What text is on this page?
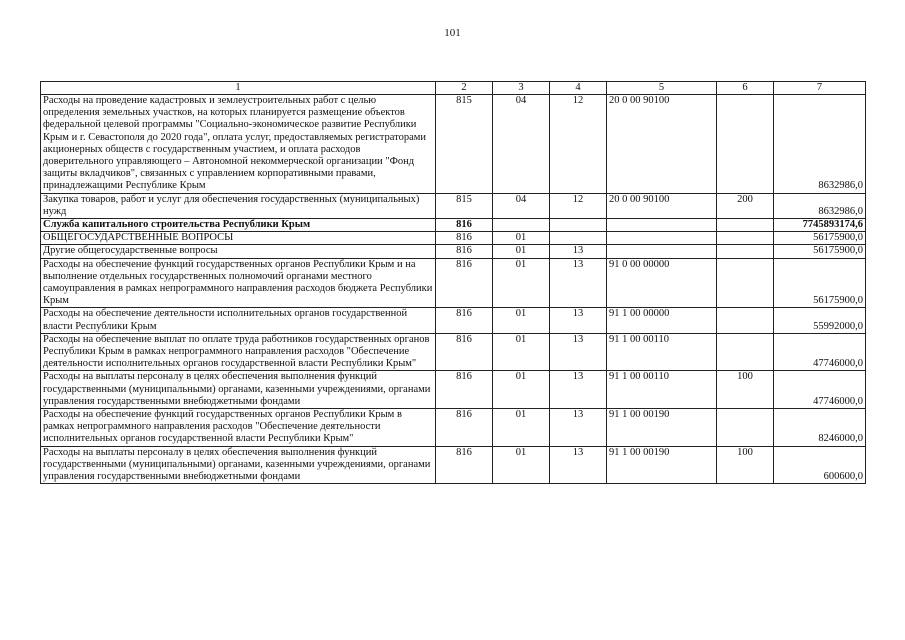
101
1	2	3	4	5	6	7
Расходы на проведение кадастровых и землеустроительных работ с целью определения земельных участков, на которых планируется размещение объектов федеральной целевой программы "Социально-экономическое развитие Республики Крым и г. Севастополя до 2020 года", оплата услуг, предоставляемых регистраторами акционерных обществ с государственным участием, и оплата расходов доверительного управляющего – Автономной некоммерческой организации "Фонд защиты вкладчиков", связанных с управлением корпоративными правами, принадлежащими Республике Крым	815	04	12	20 0 00 90100		8632986,0
Закупка товаров, работ и услуг для обеспечения государственных (муниципальных) нужд	815	04	12	20 0 00 90100	200	8632986,0
Служба капитального строительства Республики Крым	816					7745893174,6
ОБЩЕГОСУДАРСТВЕННЫЕ ВОПРОСЫ	816	01				56175900,0
Другие общегосударственные вопросы	816	01	13			56175900,0
Расходы на обеспечение функций государственных органов Республики Крым и на выполнение отдельных государственных полномочий органами местного самоуправления в рамках непрограммного направления расходов бюджета Республики Крым	816	01	13	91 0 00 00000		56175900,0
Расходы на обеспечение деятельности исполнительных органов государственной власти Республики Крым	816	01	13	91 1 00 00000		55992000,0
Расходы на обеспечение выплат по оплате труда работников государственных органов Республики Крым в рамках непрограммного направления расходов "Обеспечение деятельности исполнительных органов государственной власти Республики Крым"	816	01	13	91 1 00 00110		47746000,0
Расходы на выплаты персоналу в целях обеспечения выполнения функций государственными (муниципальными) органами, казенными учреждениями, органами управления государственными внебюджетными фондами	816	01	13	91 1 00 00110	100	47746000,0
Расходы на обеспечение функций государственных органов Республики Крым в рамках непрограммного направления расходов "Обеспечение деятельности исполнительных органов государственной власти Республики Крым"	816	01	13	91 1 00 00190		8246000,0
Расходы на выплаты персоналу в целях обеспечения выполнения функций государственными (муниципальными) органами, казенными учреждениями, органами управления государственными внебюджетными фондами	816	01	13	91 1 00 00190	100	600600,0
